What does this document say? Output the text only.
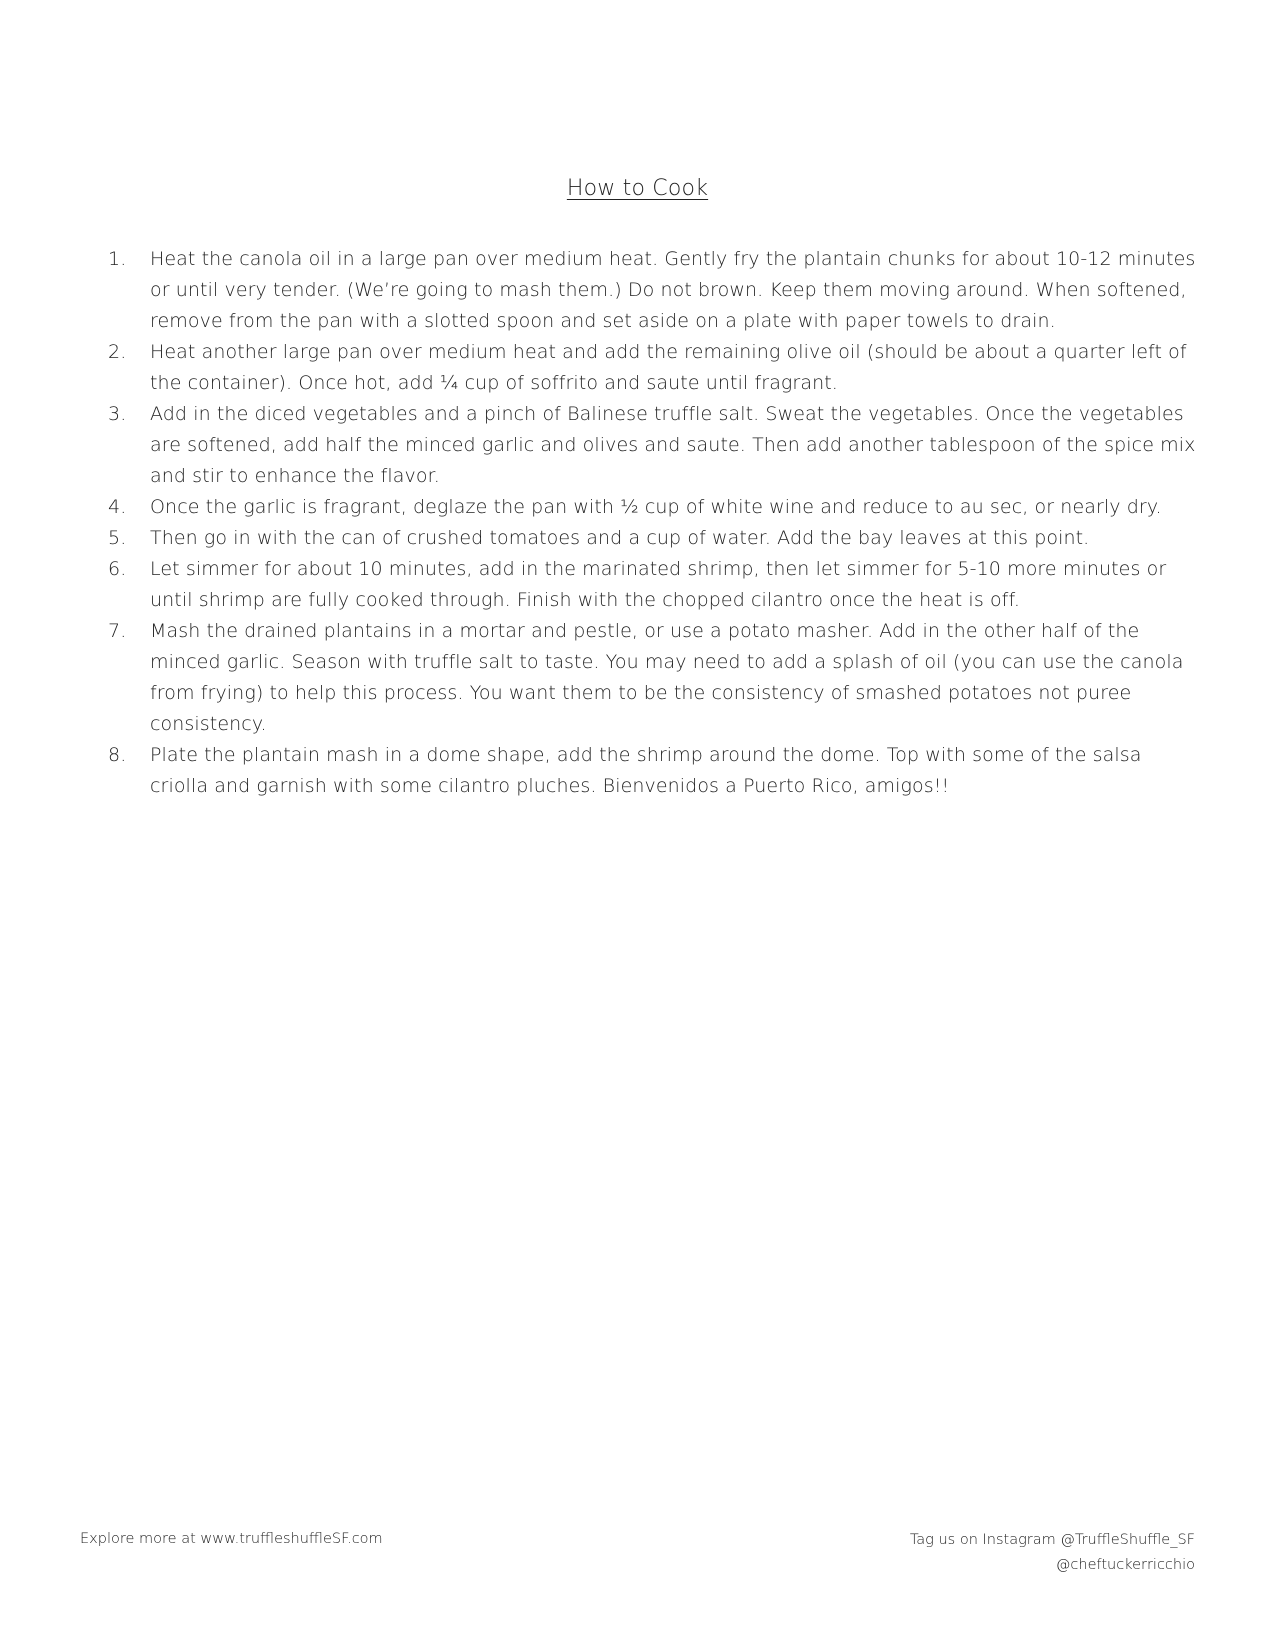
How to Cook
1.	Heat the canola oil in a large pan over medium heat. Gently fry the plantain chunks for about 10-12 minutes or until very tender. (We’re going to mash them.) Do not brown. Keep them moving around. When softened, remove from the pan with a slotted spoon and set aside on a plate with paper towels to drain.
2.	Heat another large pan over medium heat and add the remaining olive oil (should be about a quarter left of the container). Once hot, add ¼ cup of soffrito and saute until fragrant.
3.	Add in the diced vegetables and a pinch of Balinese truffle salt. Sweat the vegetables. Once the vegetables are softened, add half the minced garlic and olives and saute. Then add another tablespoon of the spice mix and stir to enhance the flavor.
4.	Once the garlic is fragrant, deglaze the pan with ½ cup of white wine and reduce to au sec, or nearly dry.
5.	Then go in with the can of crushed tomatoes and a cup of water. Add the bay leaves at this point.
6.	Let simmer for about 10 minutes, add in the marinated shrimp, then let simmer for 5-10 more minutes or until shrimp are fully cooked through. Finish with the chopped cilantro once the heat is off.
7.	Mash the drained plantains in a mortar and pestle, or use a potato masher. Add in the other half of the minced garlic. Season with truffle salt to taste. You may need to add a splash of oil (you can use the canola from frying) to help this process. You want them to be the consistency of smashed potatoes not puree consistency.
8.	Plate the plantain mash in a dome shape, add the shrimp around the dome. Top with some of the salsa criolla and garnish with some cilantro pluches. Bienvenidos a Puerto Rico, amigos!!
Explore more at www.truffleshuffleSF.com	Tag us on Instagram @TruffleShuffle_SF
@cheftuckerricchio
